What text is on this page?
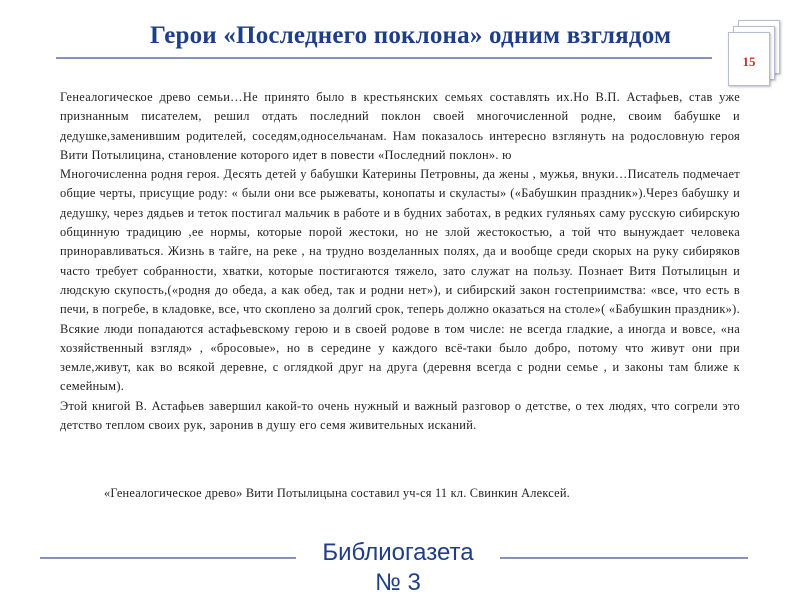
Герои «Последнего поклона» одним взглядом
15

Генеалогическое древо семьи…Не принято было в крестьянских семьях составлять их.Но В.П. Астафьев, став уже признанным писателем, решил отдать последний поклон своей многочисленной родне, своим бабушке и дедушке,заменившим родителей, соседям,односельчанам. Нам показалось интересно взглянуть на родословную героя Вити Потылицина, становление которого идет в повести «Последний поклон». ю

Многочисленна родня героя. Десять детей у бабушки Катерины Петровны, да жены , мужья, внуки…Писатель подмечает общие черты, присущие роду: « были они все рыжеваты, конопаты и скуласты» («Бабушкин праздник»).Через бабушку и дедушку, через дядьев и теток постигал мальчик в работе и в будних заботах, в редких гуляньях саму русскую сибирскую общинную традицию ,ее нормы, которые порой жестоки, но не злой жестокостью, а той что вынуждает человека приноравливаться. Жизнь в тайге, на реке , на трудно возделанных полях, да и вообще среди скорых на руку сибиряков часто требует собранности, хватки, которые постигаются тяжело, зато служат на пользу. Познает Витя Потылицын и людскую скупость,(«родня до обеда, а как обед, так и родни нет»), и сибирский закон гостеприимства: «все, что есть в печи, в погребе, в кладовке, все, что скоплено за долгий срок, теперь должно оказаться на столе»( «Бабушкин праздник»). Всякие люди попадаются астафьевскому герою и в своей родове в том числе: не всегда гладкие, а иногда и вовсе, «на хозяйственный взгляд» , «бросовые», но в середине у каждого всё-таки было добро, потому что живут они при земле,живут, как во всякой деревне, с оглядкой друг на друга (деревня всегда с родни семье , и законы там ближе к семейным).

Этой книгой В. Астафьев завершил какой-то очень нужный и важный разговор о детстве, о тех людях, что согрели это детство теплом своих рук, заронив в душу его семя живительных исканий.

«Генеалогическое древо» Вити Потылицына составил уч-ся 11 кл. Свинкин Алексей.
Библиогазета
№ 3
